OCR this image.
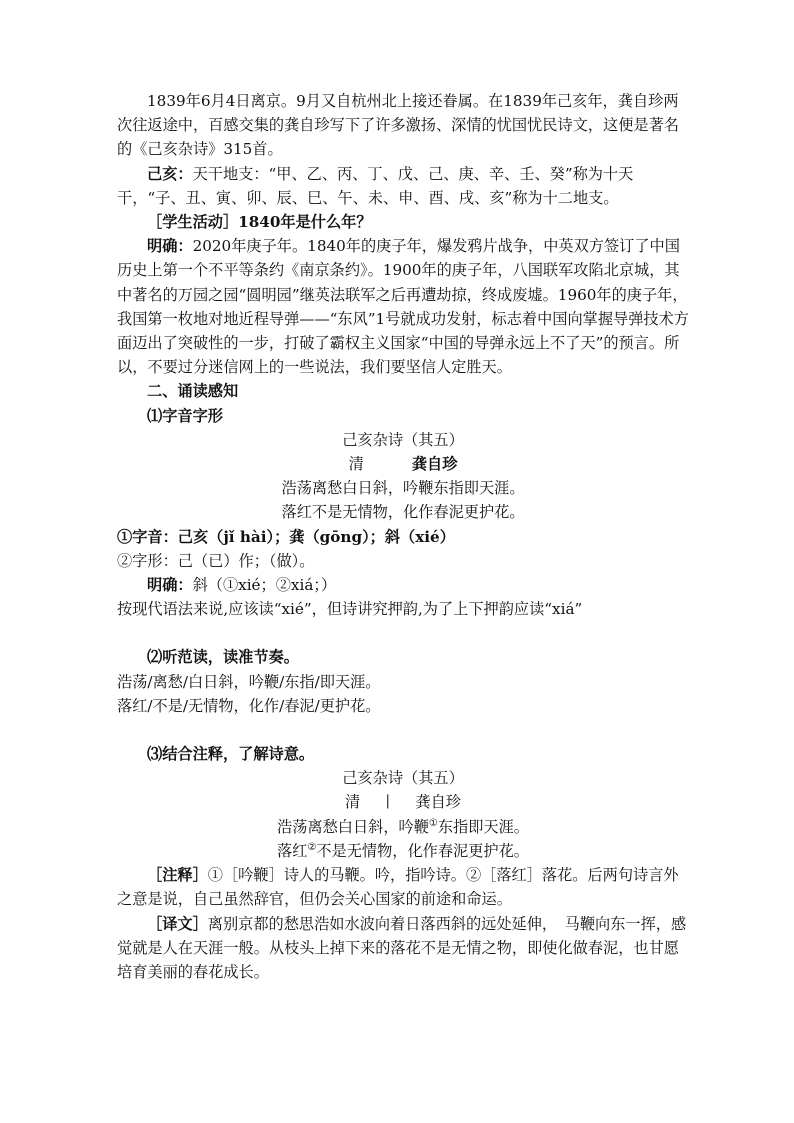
1839年6月4日离京。9月又自杭州北上接还眷属。在1839年己亥年，龚自珍两次往返途中，百感交集的龚自珍写下了许多激扬、深情的忧国忧民诗文，这便是著名的《己亥杂诗》315首。

己亥：天干地支：“甲、乙、丙、丁、戊、己、庚、辛、壬、癸”称为十天干，“子、丑、寅、卯、辰、巳、午、未、申、酉、戌、亥”称为十二地支。

［学生活动］1840年是什么年？

明确：2020年庚子年。1840年的庚子年，爆发鸦片战争，中英双方签订了中国历史上第一个不平等条约《南京条约》。1900年的庚子年，八国联军攻陷北京城，其中著名的万园之园“圆明园”继英法联军之后再遭劫掠，终成废墟。1960年的庚子年，我国第一枚地对地近程导弹——“东风”1号就成功发射，标志着中国向掌握导弹技术方面迈出了突破性的一步，打破了霸权主义国家“中国的导弹永远上不了天”的预言。所以，不要过分迷信网上的一些说法，我们要坚信人定胜天。

二、诵读感知

⑴字音字形

己亥杂诗（其五）

清	龚自珍

浩荡离愁白日斜，吟鞭东指即天涯。

落红不是无情物，化作春泥更护花。

①字音：己亥（jǐ hài）；龚（gōng）；斜（xié）

②字形：己（已）作；（做）。

明确：斜（①xié；②xiá；）

按现代语法来说,应该读“xié”，但诗讲究押韵,为了上下押韵应读“xiá”

⑵听范读，读准节奏。

浩荡/离愁/白日斜，吟鞭/东指/即天涯。

落红/不是/无情物，化作/春泥/更护花。

⑶结合注释，了解诗意。

己亥杂诗（其五）

清 丨 龚自珍

浩荡离愁白日斜，吟鞭①东指即天涯。

落红②不是无情物，化作春泥更护花。

［注释］①［吟鞭］诗人的马鞭。吟，指吟诗。②［落红］落花。后两句诗言外之意是说，自己虽然辞官，但仍会关心国家的前途和命运。

［译文］离别京都的愁思浩如水波向着日落西斜的远处延伸，　马鞭向东一挥，感觉就是人在天涯一般。从枝头上掉下来的落花不是无情之物，即使化做春泥，也甘愿培育美丽的春花成长。
